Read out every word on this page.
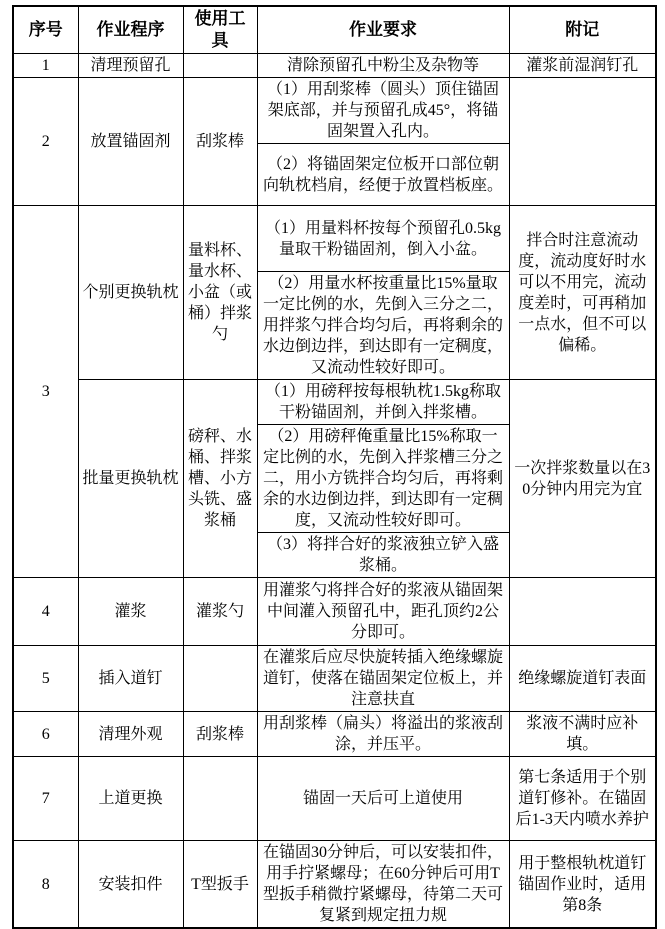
序号	作业程序	使用工具	作业要求	附记
1	清理预留孔		清除预留孔中粉尘及杂物等	灌浆前湿润钉孔
2	放置锚固剂	刮浆棒	（1）用刮浆棒（圆头）顶住锚固架底部，并与预留孔成45°，将锚固架置入孔内。	
			（2）将锚固架定位板开口部位朝向轨枕档肩，经便于放置档板座。	
3	个别更换轨枕	量料杯、量水杯、小盆（或桶）拌浆勺	（1）用量料杯按每个预留孔0.5kg量取干粉锚固剂，倒入小盆。	拌合时注意流动度，流动度好时水可以不用完，流动度差时，可再稍加一点水，但不可以偏稀。
			（2）用量水杯按重量比15%量取一定比例的水，先倒入三分之二，用拌浆勺拌合均匀后，再将剩余的水边倒边拌，到达即有一定稠度，又流动性较好即可。	
	批量更换轨枕	磅秤、水桶、拌浆槽、小方头铣、盛浆桶	（1）用磅秤按每根轨枕1.5kg称取干粉锚固剂，并倒入拌浆槽。	一次拌浆数量以在30分钟内用完为宜
			（2）用磅秤俺重量比15%称取一定比例的水，先倒入拌浆槽三分之二，用小方铣拌合均匀后，再将剩余的水边倒边拌，到达即有一定稠度，又流动性较好即可。	
			（3）将拌合好的浆液独立铲入盛浆桶。	
4	灌浆	灌浆勺	用灌浆勺将拌合好的浆液从锚固架中间灌入预留孔中，距孔顶约2公分即可。	
5	插入道钉		在灌浆后应尽快旋转插入绝缘螺旋道钉，使落在锚固架定位板上，并注意扶直	绝缘螺旋道钉表面
6	清理外观	刮浆棒	用刮浆棒（扁头）将溢出的浆液刮涂，并压平。	浆液不满时应补填。
7	上道更换		锚固一天后可上道使用	第七条适用于个别道钉修补。在锚固后1-3天内喷水养护
8	安装扣件	T型扳手	在锚固30分钟后，可以安装扣件，用手拧紧螺母；在60分钟后可用T型扳手稍微拧紧螺母，待第二天可复紧到规定扭力规	用于整根轨枕道钉锚固作业时，适用第8条
